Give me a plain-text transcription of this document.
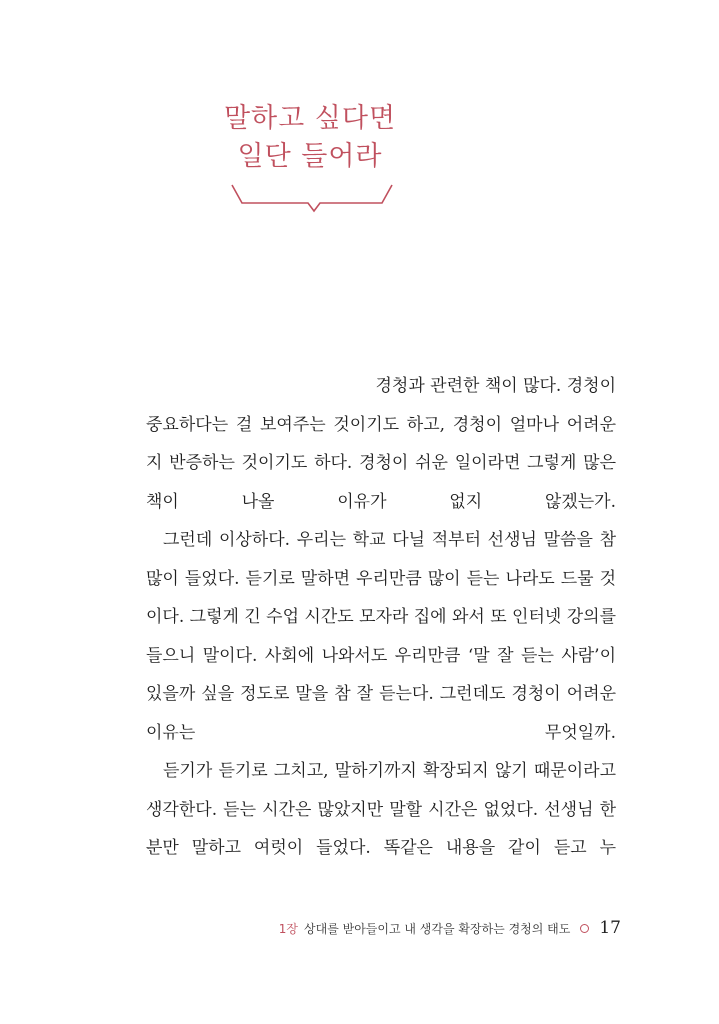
말하고 싶다면
일단 들어라

경청과 관련한 책이 많다. 경청이
중요하다는 걸 보여주는 것이기도 하고, 경청이 얼마나 어려운지 반증하는 것이기도 하다. 경청이 쉬운 일이라면 그렇게 많은 책이 나올 이유가 없지 않겠는가.

그런데 이상하다. 우리는 학교 다닐 적부터 선생님 말씀을 참 많이 들었다. 듣기로 말하면 우리만큼 많이 듣는 나라도 드물 것이다. 그렇게 긴 수업 시간도 모자라 집에 와서 또 인터넷 강의를 들으니 말이다. 사회에 나와서도 우리만큼 ‘말 잘 듣는 사람’이 있을까 싶을 정도로 말을 참 잘 듣는다. 그런데도 경청이 어려운 이유는 무엇일까.

듣기가 듣기로 그치고, 말하기까지 확장되지 않기 때문이라고 생각한다. 듣는 시간은 많았지만 말할 시간은 없었다. 선생님 한 분만 말하고 여럿이 들었다. 똑같은 내용을 같이 듣고 누

1장 상대를 받아들이고 내 생각을 확장하는 경청의 태도 17
